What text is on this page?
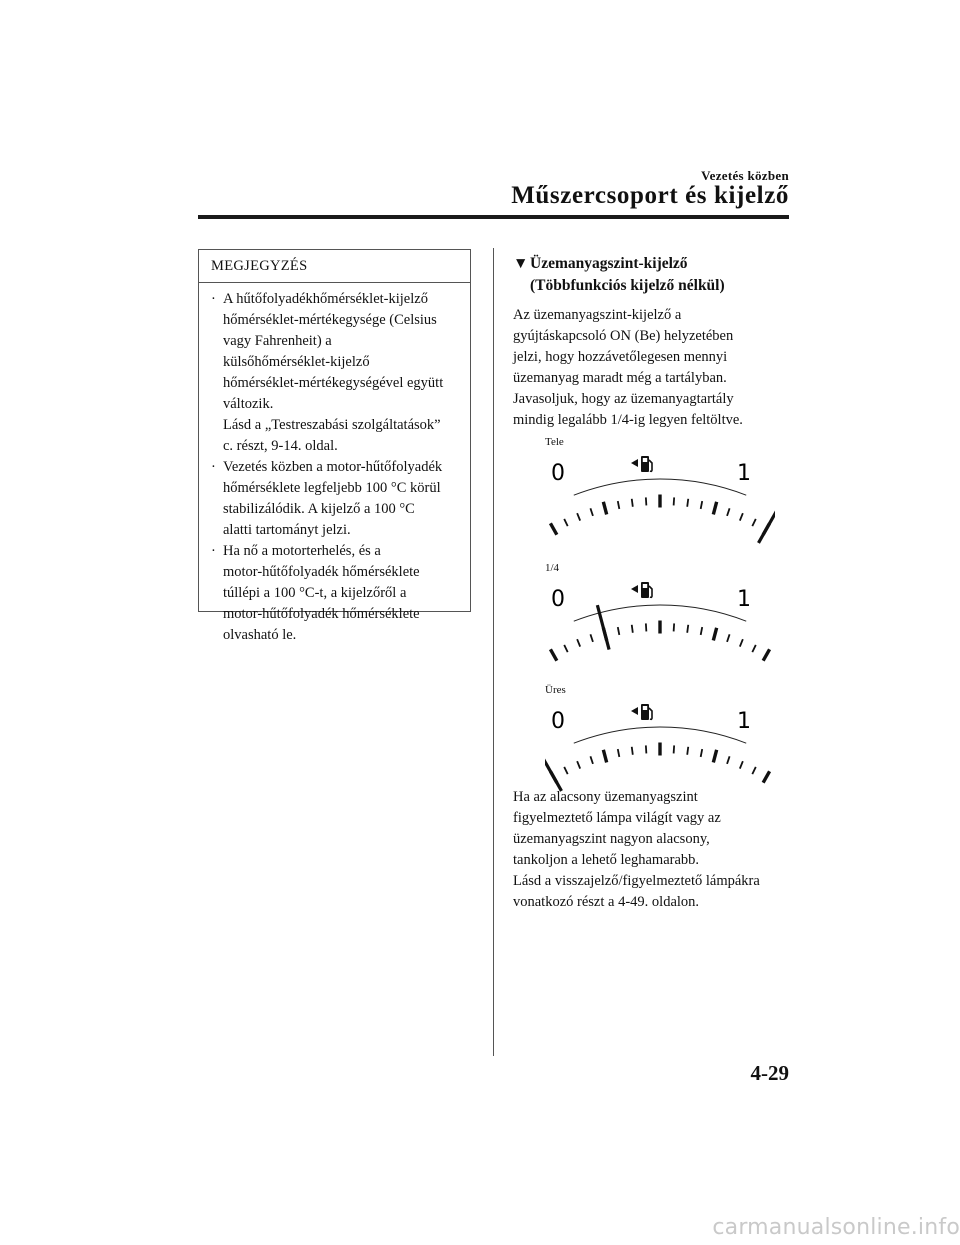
Vezetés közben
Műszercsoport és kijelző
MEGJEGYZÉS
· A hűtőfolyadékhőmérséklet-kijelző

hőmérséklet-mértékegysége (Celsius

vagy Fahrenheit) a

külsőhőmérséklet-kijelző

hőmérséklet-mértékegységével együtt

változik.

Lásd a „Testreszabási szolgáltatások”

c. részt, 9-14. oldal.

· Vezetés közben a motor-hűtőfolyadék

hőmérséklete legfeljebb 100 °C körül

stabilizálódik. A kijelző a 100 °C

alatti tartományt jelzi.

· Ha nő a motorterhelés, és a

motor-hűtőfolyadék hőmérséklete

túllépi a 100 °C-t, a kijelzőről a

motor-hűtőfolyadék hőmérséklete

olvasható le.

▼ Üzemanyagszint-kijelző
(Többfunkciós kijelző nélkül)
Az üzemanyagszint-kijelző a
gyújtáskapcsoló ON (Be) helyzetében
jelzi, hogy hozzávetőlegesen mennyi
üzemanyag maradt még a tartályban.
Javasoljuk, hogy az üzemanyagtartály
mindig legalább 1/4-ig legyen feltöltve.
Tele
0	1
1/4
0	1
Üres
0	1

Ha az alacsony üzemanyagszint

figyelmeztető lámpa világít vagy az

üzemanyagszint nagyon alacsony,

tankoljon a lehető leghamarabb.

Lásd a visszajelző/figyelmeztető lámpákra

vonatkozó részt a 4-49. oldalon.

4-29
carmanualsonline.info
